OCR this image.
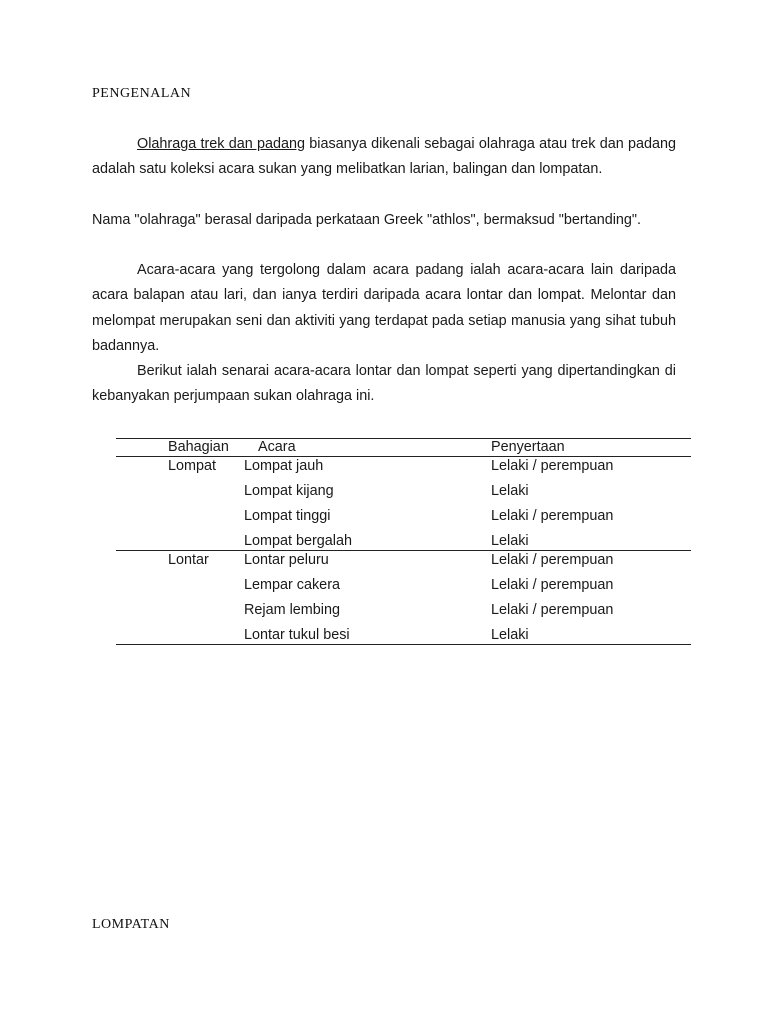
PENGENALAN

Olahraga trek dan padang biasanya dikenali sebagai olahraga atau trek dan padang adalah satu koleksi acara sukan yang melibatkan larian, balingan dan lompatan.

Nama "olahraga" berasal daripada perkataan Greek "athlos", bermaksud "bertanding".

Acara-acara yang tergolong dalam acara padang ialah acara-acara lain daripada acara balapan atau lari, dan ianya terdiri daripada acara lontar dan lompat. Melontar dan melompat merupakan seni dan aktiviti yang terdapat pada setiap manusia yang sihat tubuh badannya.

Berikut ialah senarai acara-acara lontar dan lompat seperti yang dipertandingkan di kebanyakan perjumpaan sukan olahraga ini.

Bahagian	Acara	Penyertaan
Lompat	Lompat jauh	Lelaki / perempuan
	Lompat kijang	Lelaki
	Lompat tinggi	Lelaki / perempuan
	Lompat bergalah	Lelaki
Lontar	Lontar peluru	Lelaki / perempuan
	Lempar cakera	Lelaki / perempuan
	Rejam lembing	Lelaki / perempuan
	Lontar tukul besi	Lelaki
LOMPATAN
